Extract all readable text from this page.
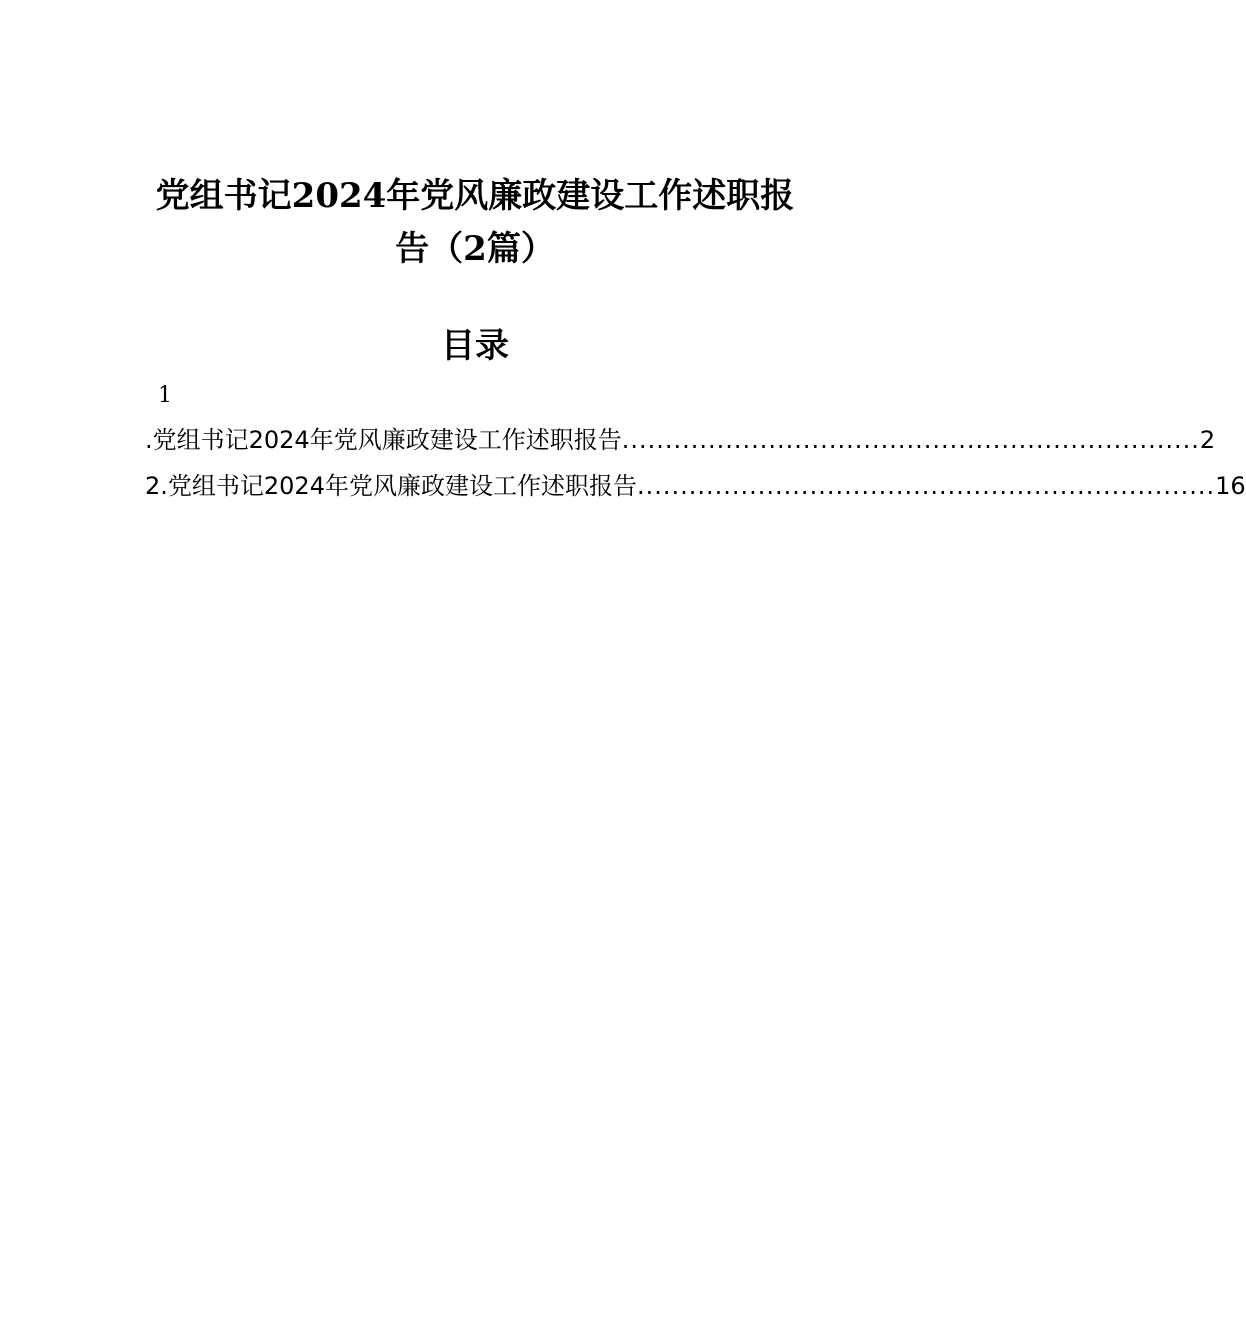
党组书记2024年党风廉政建设工作述职报
告（2篇）
目录
1
.党组书记2024年党风廉政建设工作述职报告 ................................................................... 2
2.党组书记2024年党风廉政建设工作述职报告 ................................................................... 16
